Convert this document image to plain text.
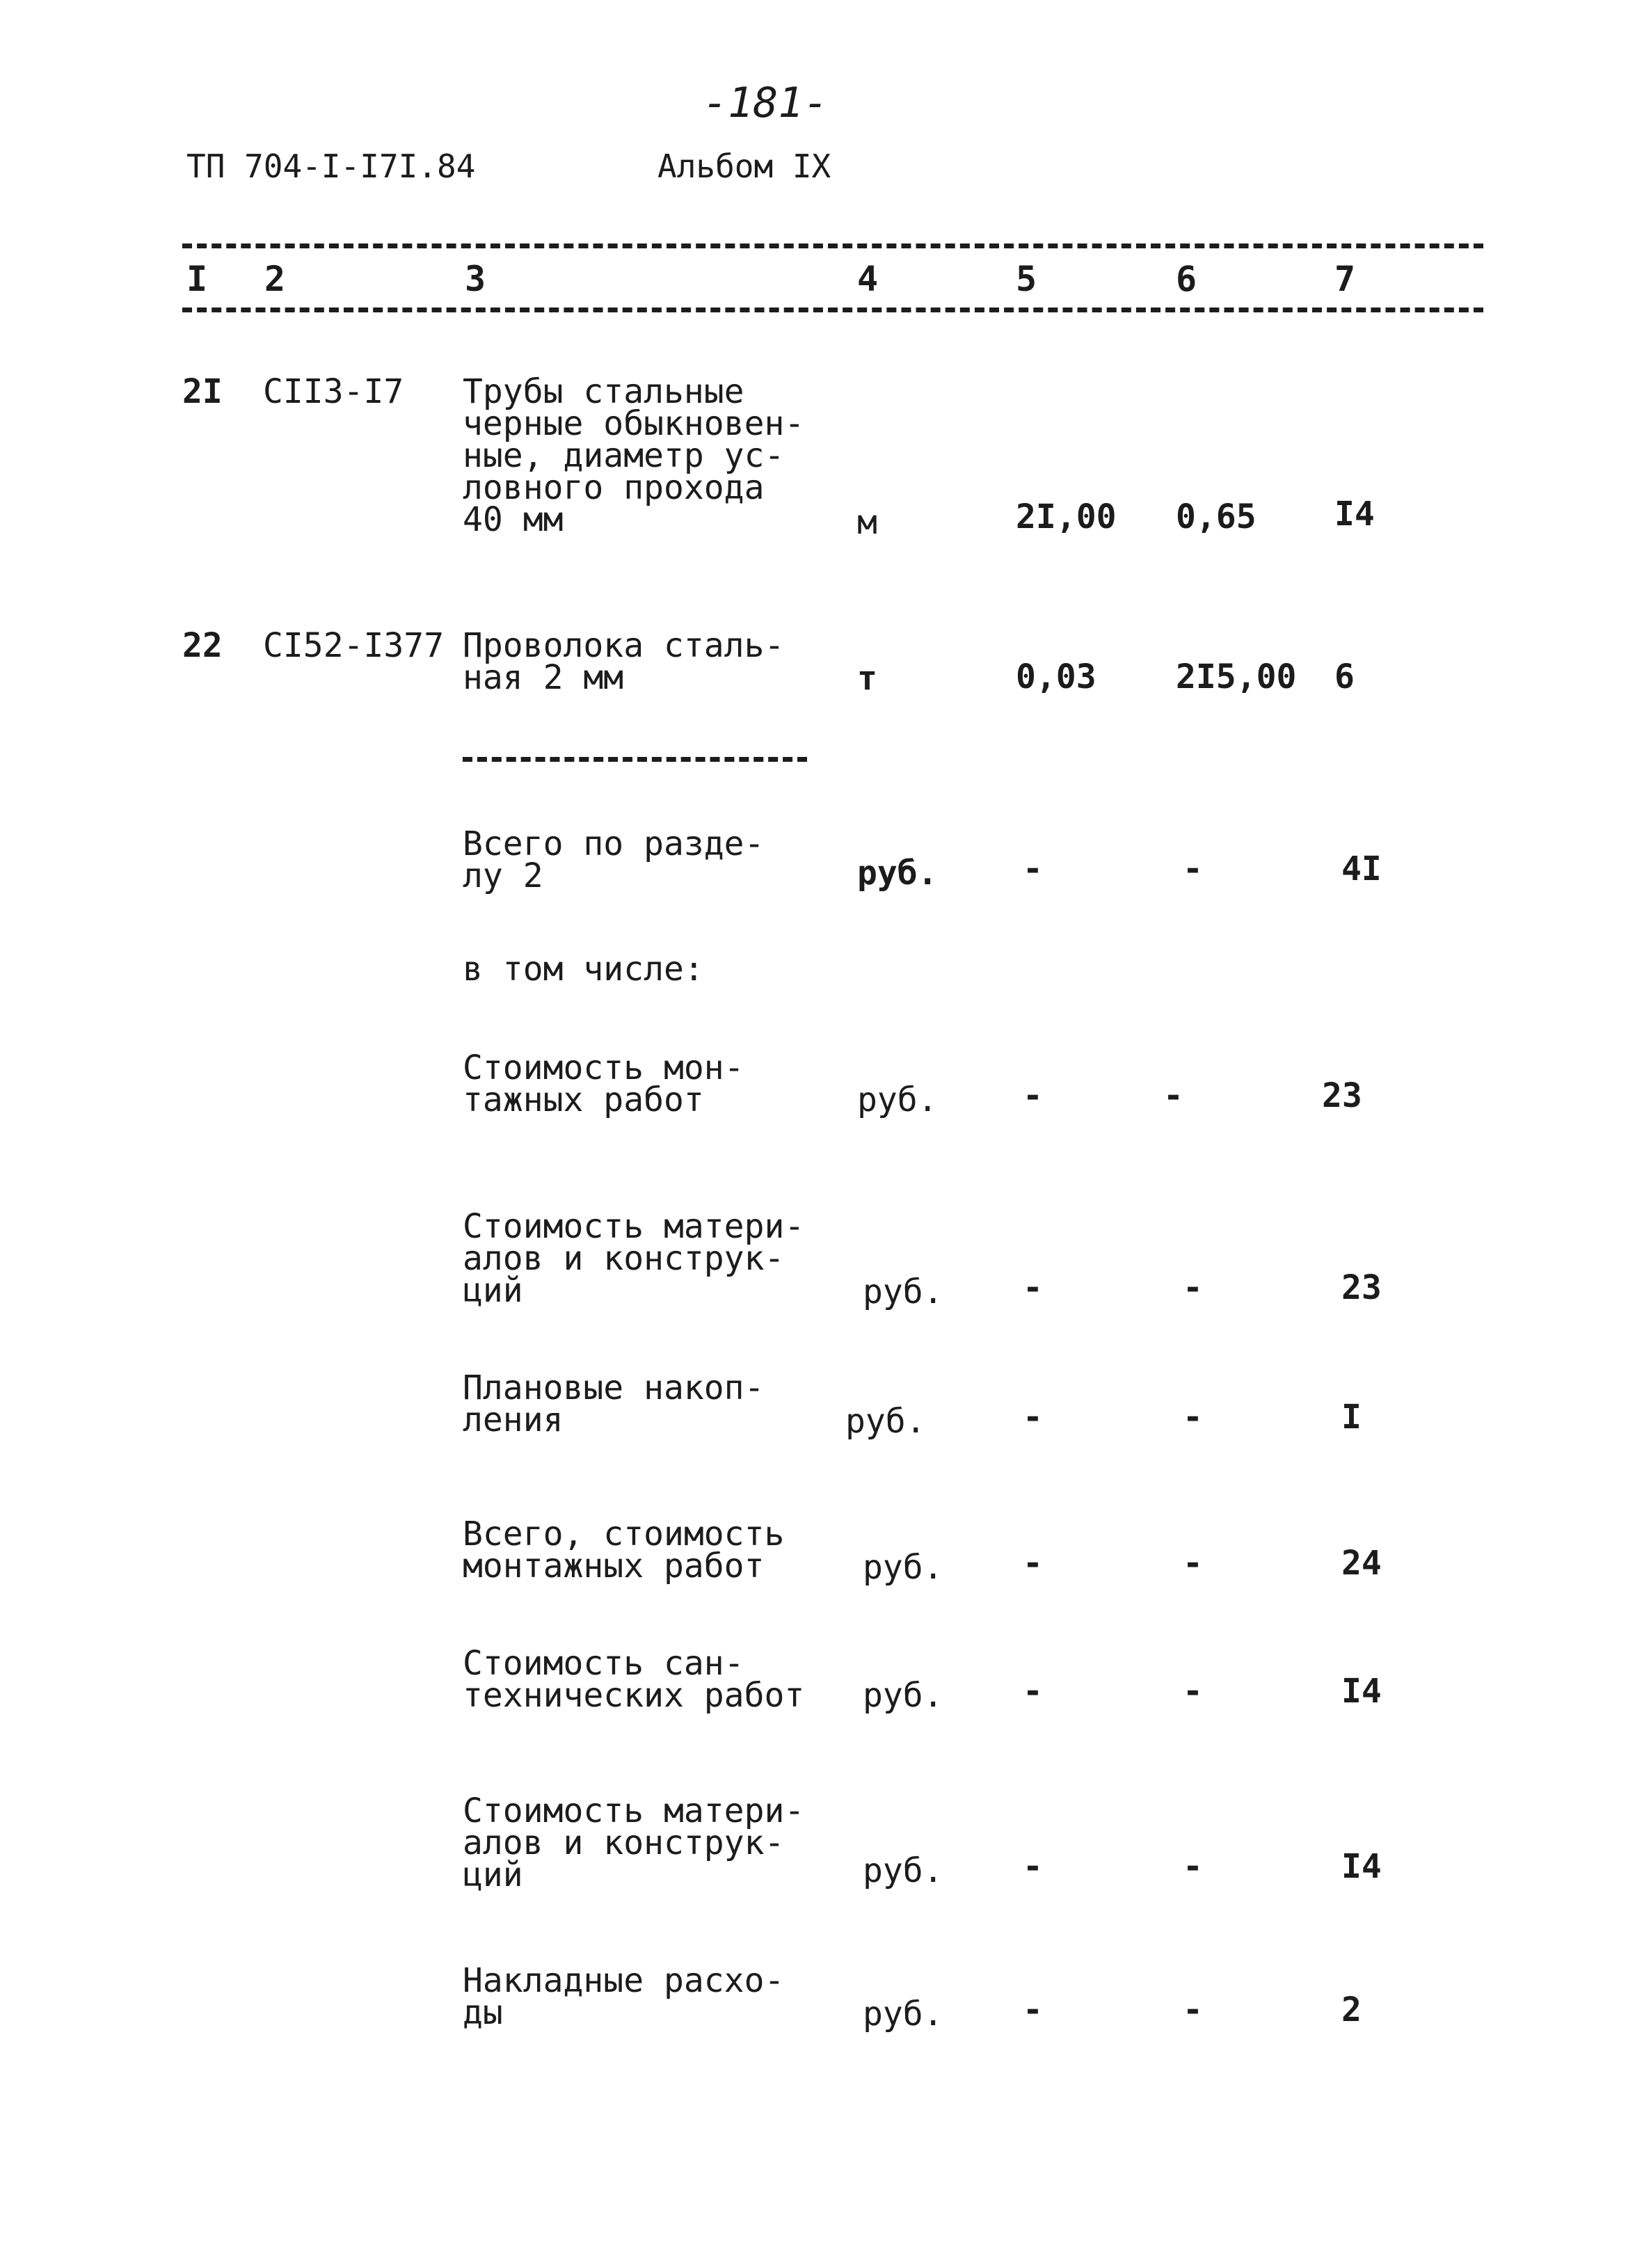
-181-
ТП 704-I-I7I.84	Альбом IX
I 2	3	4	5	6	7
2I CII3-I7 Трубы стальные
черные обыкновен-
ные, диаметр ус-
ловного прохода
40 мм	м	2I,00 0,65 I4
22 CI52-I377 Проволока сталь-
ная 2 мм	т	0,03 2I5,00 6
Всего по разде-
лу 2	руб.	-	-	4I
в том числе:
Стоимость мон-
тажных работ	руб.	-	-	23
Стоимость матери-
алов и конструк-
ций	руб. -	-	23
Плановые накоп-
ления	руб.	-	-	I
Всего, стоимость
монтажных работ	руб. -	-	24
Стоимость сан-
технических работ руб. -	-	I4
Стоимость матери-
алов и конструк-
ций	руб. -	-	I4
Накладные расхо-
ды	руб. -	-	2
